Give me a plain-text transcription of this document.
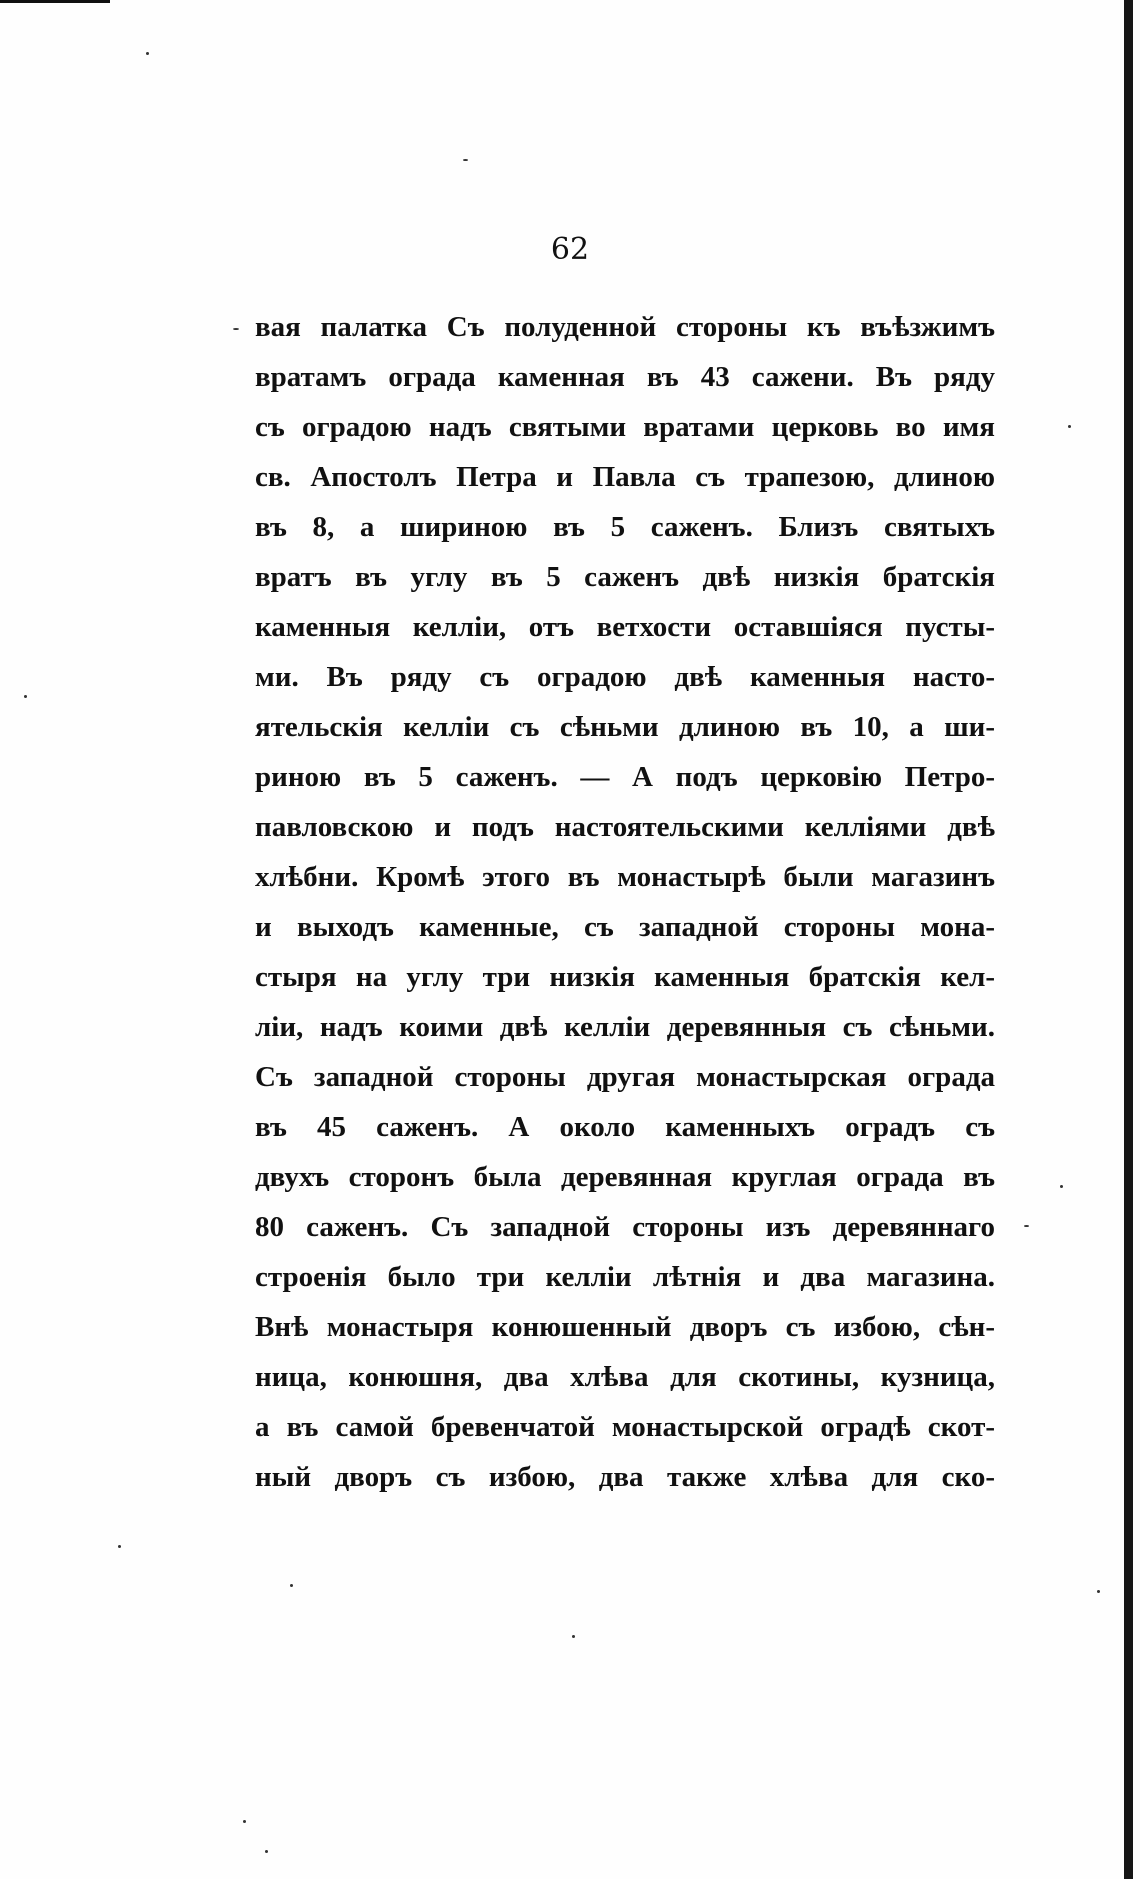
62
вая палатка Съ полуденной стороны къ въѣзжимъ
вратамъ ограда каменная въ 43 сажени. Въ ряду
съ оградою надъ святыми вратами церковь во имя
св. Апостолъ Петра и Павла съ трапезою, длиною
въ 8, а шириною въ 5 саженъ. Близъ святыхъ
вратъ въ углу въ 5 саженъ двѣ низкія братскія
каменныя келліи, отъ ветхости оставшіяся пусты-
ми. Въ ряду съ оградою двѣ каменныя насто-
ятельскія келліи съ сѣньми длиною въ 10, а ши-
риною въ 5 саженъ. — А подъ церковію Петро-
павловскою и подъ настоятельскими келліями двѣ
хлѣбни. Кромѣ этого въ монастырѣ были магазинъ
и выходъ каменные, съ западной стороны мона-
стыря на углу три низкія каменныя братскія кел-
ліи, надъ коими двѣ келліи деревянныя съ сѣньми.
Съ западной стороны другая монастырская ограда
въ 45 саженъ. А около каменныхъ оградъ съ
двухъ сторонъ была деревянная круглая ограда въ
80 саженъ. Съ западной стороны изъ деревяннаго
строенія было три келліи лѣтнія и два магазина.
Внѣ монастыря конюшенный дворъ съ избою, сѣн-
ница, конюшня, два хлѣва для скотины, кузница,
а въ самой бревенчатой монастырской оградѣ скот-
ный дворъ съ избою, два также хлѣва для ско-
